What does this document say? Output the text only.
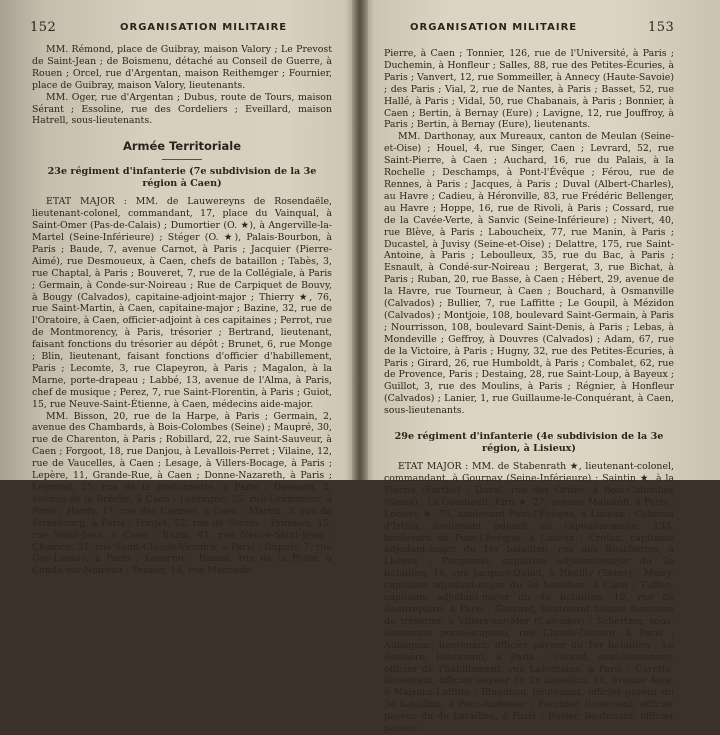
152	ORGANISATION MILITAIRE

MM. Rémond, place de Guibray, maison Valory ; Le Prevost de Saint-Jean ; de Boismenu, détaché au Conseil de Guerre, à Rouen ; Orcel, rue d'Argentan, maison Reithemger ; Fournier, place de Guibray, maison Valory, lieutenants.

MM. Oger, rue d'Argentan ; Dubus, route de Tours, maison Sérant ; Essoline, rue des Cordeliers ; Eveillard, maison Hatrell, sous-lieutenants.

Armée Territoriale
23e régiment d'infanterie (7e subdivision de la 3e région à Caen)

ETAT MAJOR : MM. de Lauwereyns de Rosendaële, lieutenant-colonel, commandant, 17, place du Vainqual, à Saint-Omer (Pas-de-Calais) ; Dumortier (O. ★), à Angerville-la-Martel (Seine-Inférieure) ; Stéger (O. ★), Palais-Bourbon, à Paris ; Baude, 7, avenue Carnot, à Paris ; Jacquier (Pierre-Aimé), rue Desmoueux, à Caen, chefs de bataillon ; Tabès, 3, rue Chaptal, à Paris ; Bouveret, 7, rue de la Collégiale, à Paris ; Germain, à Conde-sur-Noireau ; Rue de Carpiquet de Bouvy, à Bougy (Calvados), capitaine-adjoint-major ; Thierry ★, 76, rue Saint-Martin, à Caen, capitaine-major ; Bazine, 32, rue de l'Oratoire, à Caen, officier-adjoint à ces capitaines ; Perrot, rue de Montmorency, à Paris, trésorier ; Bertrand, lieutenant, faisant fonctions du trésorier au dépôt ; Brunet, 6, rue Monge ; Blin, lieutenant, faisant fonctions d'officier d'habillement, Paris ; Lecomte, 3, rue Clapeyron, à Paris ; Magalon, à la Marne, porte-drapeau ; Labbé, 13, avenue de l'Alma, à Paris, chef de musique ; Perez, 7, rue Saint-Florentin, à Paris ; Guiot, 15, rue Neuve-Saint-Étienne, à Caen, médecins aide-major.

MM. Bisson, 20, rue de la Harpe, à Paris ; Germain, 2, avenue des Chambards, à Bois-Colombes (Seine) ; Maupré, 30, rue de Charenton, à Paris ; Robillard, 22, rue Saint-Sauveur, à Caen ; Forgoot, 18, rue Danjou, à Levallois-Perret ; Vilaine, 12, rue de Vaucelles, à Caen ; Lesage, à Villers-Bocage, à Paris ; Lepère, 11, Grande-Rue, à Caen ; Donne-Nazareth, à Paris ; Legrand, 25, rue de la Bretonnerie, à Paris ; Doussan, 2, avenue de la Brèche, à Caen ; Leborgne, 25, rue Grammont, à Paris ; Hardy, 17, rue des Carmes, à Caen ; Martin, 3, rue de Strasbourg, à Paris ; Forget, 52, rue de Sèvres ; Pruneau, 15, rue Saint-Jean, à Caen ; Bazin, 41, rue Neuve-Saint-Jean ; Chamon, 31, rue Saint-Claude-Victoire, à Paris ; Dupuis, 7, rue Gay-Lussac, à Paris ; Lecornu ; Hamel, rue de la Poste, à Condé-sur-Noireau ; Tessier, 18, rue Maconde.

ORGANISATION MILITAIRE	153

Pierre, à Caen ; Tonnier, 126, rue de l'Université, à Paris ; Duchemin, à Honfleur ; Salles, 88, rue des Petites-Écuries, à Paris ; Vanvert, 12, rue Sommeiller, à Annecy (Haute-Savoie) ; des Paris ; Vial, 2, rue de Nantes, à Paris ; Basset, 52, rue Hallé, à Paris ; Vidal, 50, rue Chabanais, à Paris ; Bonnier, à Caen ; Bertin, à Bernay (Eure) ; Lavigne, 12, rue Jouffroy, à Paris ; Bertin, à Bernay (Eure), lieutenants.

MM. Darthonay, aux Mureaux, canton de Meulan (Seine-et-Oise) ; Houel, 4, rue Singer, Caen ; Levrard, 52, rue Saint-Pierre, à Caen ; Auchard, 16, rue du Palais, à la Rochelle ; Deschamps, à Pont-l'Évêque ; Férou, rue de Rennes, à Paris ; Jacques, à Paris ; Duval (Albert-Charles), au Havre ; Cadieu, à Héronville, 83, rue Frédéric Bellenger, au Havre ; Hoppe, 16, rue de Rivoli, à Paris ; Cossard, rue de la Cavée-Verte, à Sanvic (Seine-Inférieure) ; Nivert, 40, rue Blève, à Paris ; Laboucheix, 77, rue Manin, à Paris ; Ducastel, à Juvisy (Seine-et-Oise) ; Delattre, 175, rue Saint-Antoine, à Paris ; Leboulleux, 35, rue du Bac, à Paris ; Esnault, à Condé-sur-Noireau ; Bergerat, 3, rue Bichat, à Paris ; Ruban, 20, rue Basse, à Caen ; Hébert, 29, avenue de la Havre, rue Tourneur, à Caen ; Bouchard, à Osmanville (Calvados) ; Bullier, 7, rue Laffitte ; Le Goupil, à Mézidon (Calvados) ; Montjoie, 108, boulevard Saint-Germain, à Paris ; Nourrisson, 108, boulevard Saint-Denis, à Paris ; Lebas, à Mondeville ; Geffroy, à Douvres (Calvados) ; Adam, 67, rue de la Victoire, à Paris ; Hugny, 32, rue des Petites-Écuries, à Paris ; Girard, 26, rue Humboldt, à Paris ; Combalet, 62, rue de Provence, Paris ; Destaing, 28, rue Saint-Loup, à Bayeux ; Guillot, 3, rue des Moulins, à Paris ; Régnier, à Honfleur (Calvados) ; Lanier, 1, rue Guillaume-le-Conquérant, à Caen, sous-lieutenants.

29e régiment d'infanterie (4e subdivision de la 3e région, à Lisieux)

ETAT MAJOR : MM. de Stabenrath ★, lieutenant-colonel, commandant, à Gournay (Seine-Inférieure) ; Saintin ★, à la Flèche (Sarthe) ; Duval, rue des Orties, à Bois-Colombes (Seine) ; Le Gombault, Kirn ★, 27, avenue Malakoff, à Paris ; Leclerc ★, 75, boulevard Pont-l'Évêque, à Lisieux ; Colonna d'Istria, lieutenant adjoint au capitaine-major, 133, boulevard de Pont-l'Évêque, à Lisieux ; Croton, capitaine adjudant-major du 1er bataillon, rue des Boucheries, à Lisieux ; Pecquerel, capitaine adjudant-major du 2e bataillon, 16, rue Jacques-Dulud, à Neuilly (Seine) ; Moisy, capitaine adjudant-major du 3e bataillon, à Caen ; Tuffon, capitaine adjudant-major du 4e bataillon, 10, rue de Beaurepaire, à Paris ; Gascard, lieutenant faisant fonctions de trésorier, à Villers-sur-Mer (Calvados) ; Schertzer, sous-lieutenant porte-drapeau, rue Claude-Decaen, à Paris ; Aubagnac, lieutenant, officier payeur du 1er bataillon ; Le Boutière, lieutenant, à Paris ; Giraud, sous-lieutenant, officier de l'habillement, rue Lafontaine, à Paris ; Carette, lieutenant, officier payeur du 2e bataillon, 10, avenue Agia, à Maisons-Laffitte ; Blondeau, lieutenant, officier payeur du 3e bataillon, à Pont-Audemer ; Fournier, lieutenant, officier payeur du 4e bataillon, à Paris ; Rosier, lieutenant, officier payeur.
